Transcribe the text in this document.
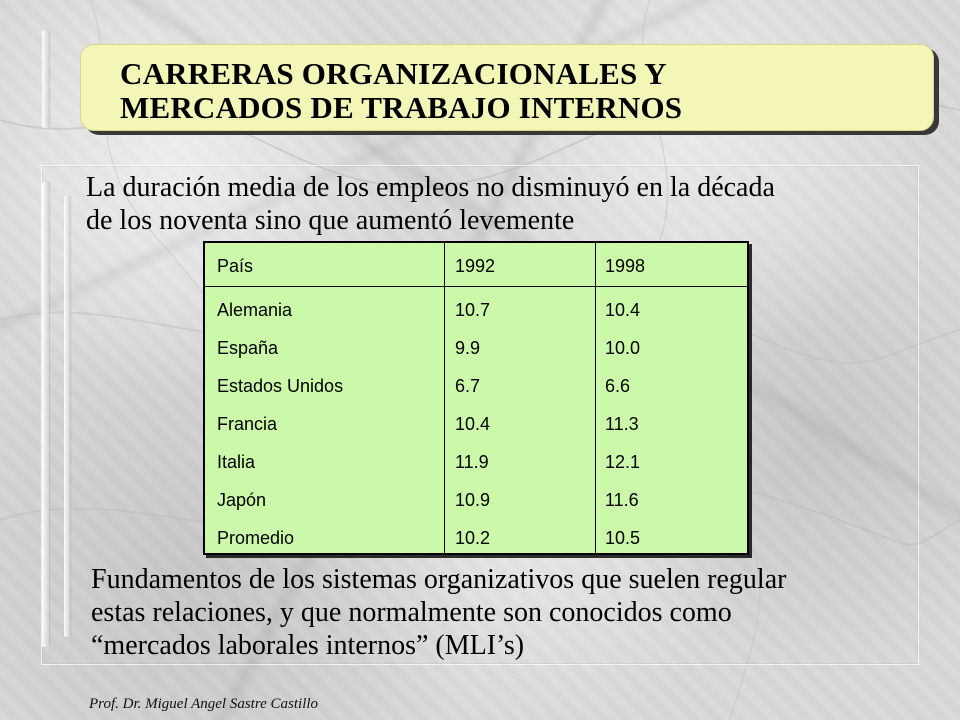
CARRERAS ORGANIZACIONALES Y
MERCADOS DE TRABAJO INTERNOS
La duración media de los empleos no disminuyó en la década
de los noventa sino que aumentó levemente
País	1992	1998
Alemania	10.7	10.4
España	9.9	10.0
Estados Unidos	6.7	6.6
Francia	10.4	11.3
Italia	11.9	12.1
Japón	10.9	11.6
Promedio	10.2	10.5
Fundamentos de los sistemas organizativos que suelen regular
estas relaciones, y que normalmente son conocidos como
“mercados laborales internos” (MLI’s)
Prof. Dr. Miguel Angel Sastre Castillo
